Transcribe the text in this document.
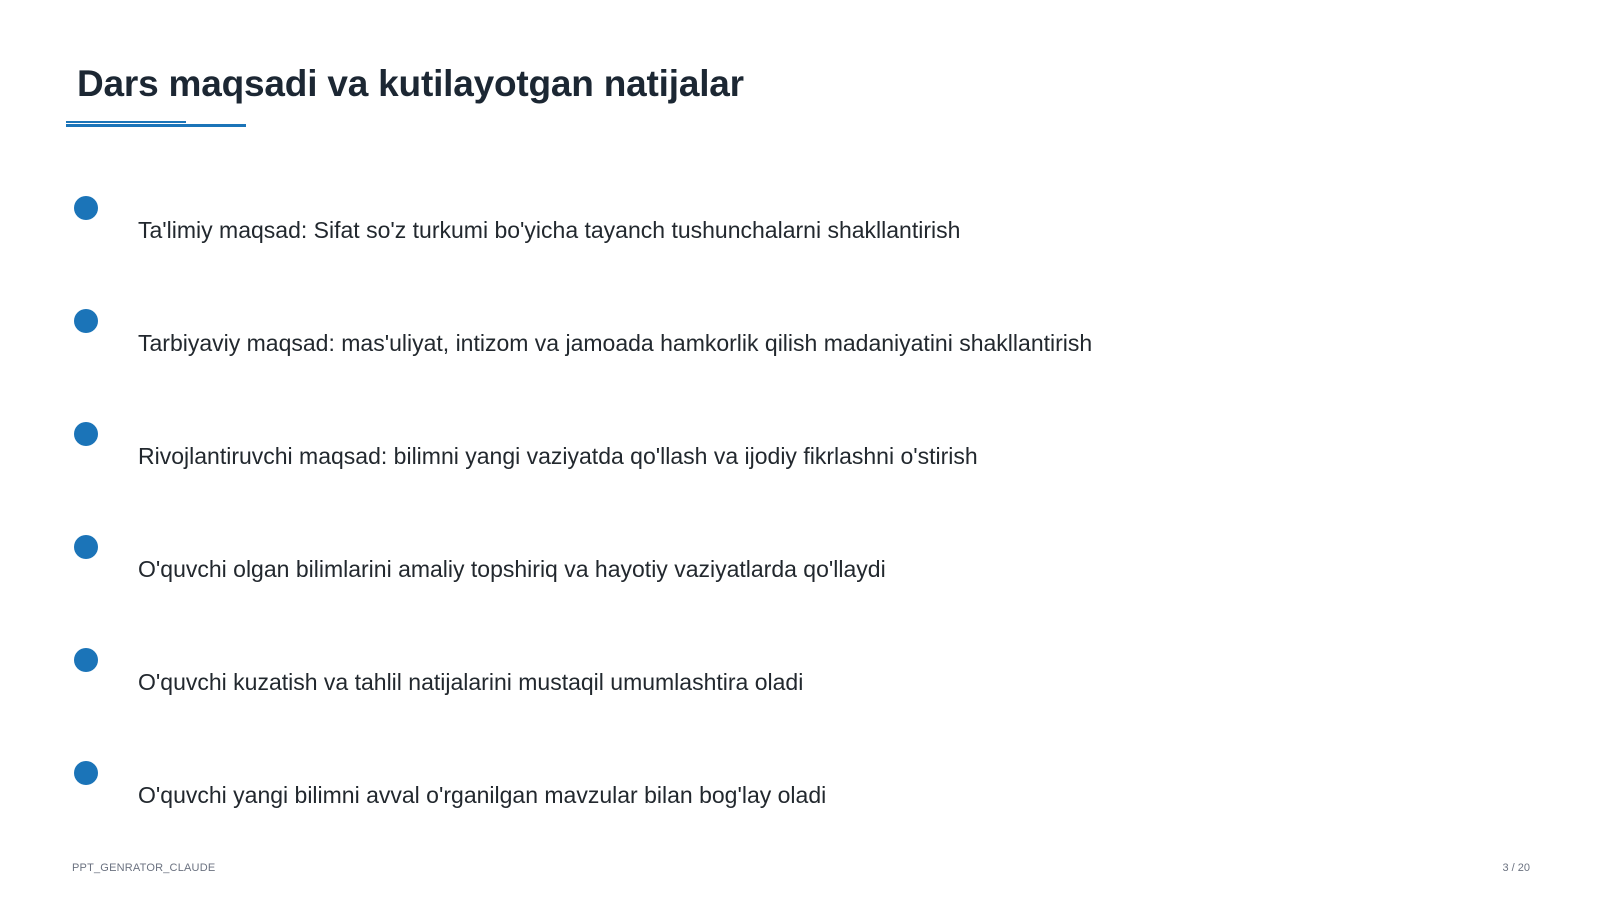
Dars maqsadi va kutilayotgan natijalar
Ta'limiy maqsad: Sifat so'z turkumi bo'yicha tayanch tushunchalarni shakllantirish
Tarbiyaviy maqsad: mas'uliyat, intizom va jamoada hamkorlik qilish madaniyatini shakllantirish
Rivojlantiruvchi maqsad: bilimni yangi vaziyatda qo'llash va ijodiy fikrlashni o'stirish
O'quvchi olgan bilimlarini amaliy topshiriq va hayotiy vaziyatlarda qo'llaydi
O'quvchi kuzatish va tahlil natijalarini mustaqil umumlashtira oladi
O'quvchi yangi bilimni avval o'rganilgan mavzular bilan bog'lay oladi
PPT_GENRATOR_CLAUDE	3 / 20
